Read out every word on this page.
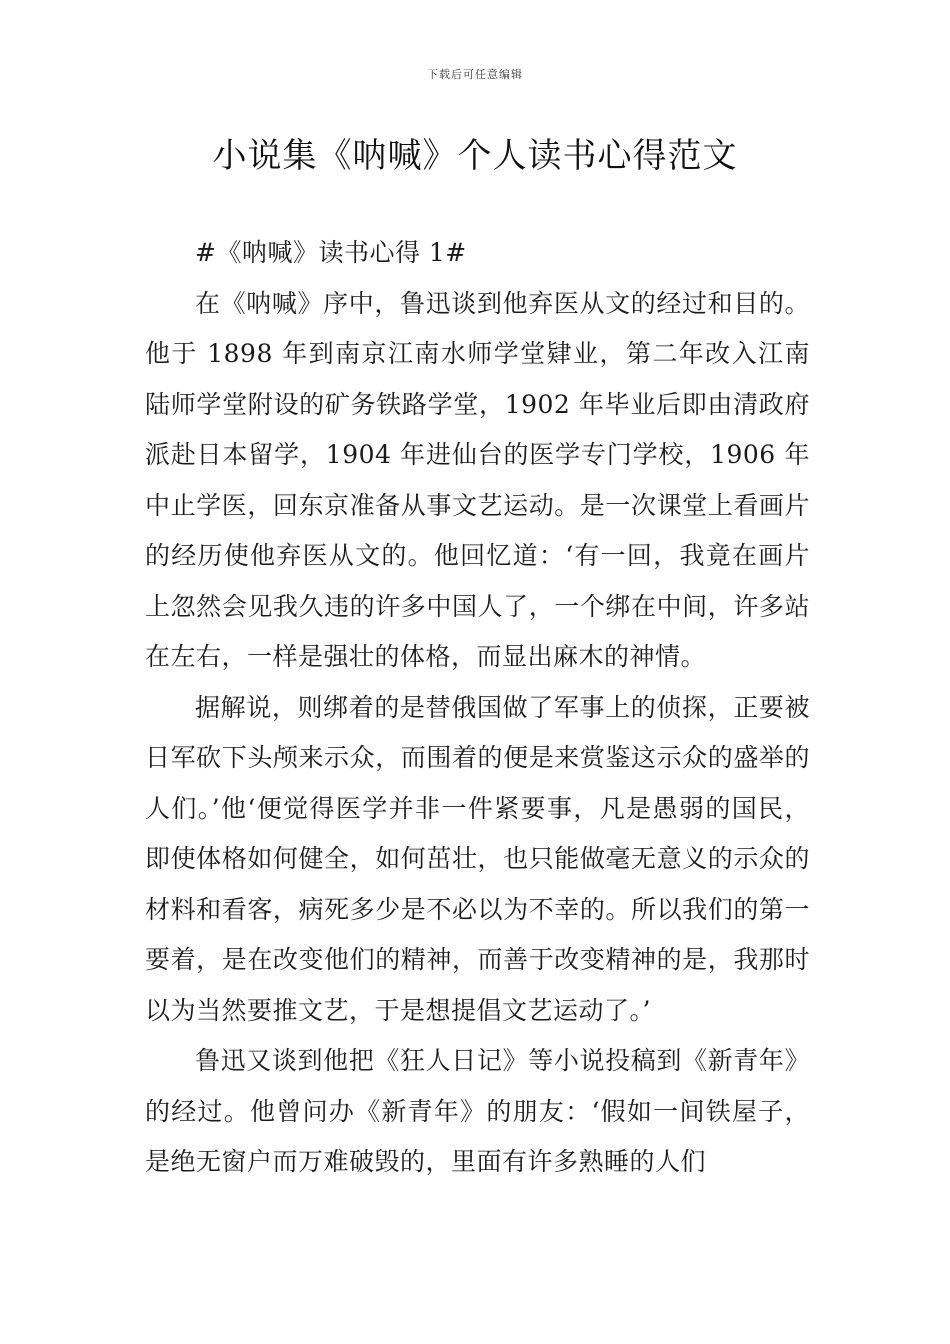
下载后可任意编辑
小说集《呐喊》个人读书心得范文

#《呐喊》读书心得 1#

在《呐喊》序中，鲁迅谈到他弃医从文的经过和目的。他于 1898 年到南京江南水师学堂肄业，第二年改入江南陆师学堂附设的矿务铁路学堂，1902 年毕业后即由清政府派赴日本留学，1904 年进仙台的医学专门学校，1906 年中止学医，回东京准备从事文艺运动。是一次课堂上看画片的经历使他弃医从文的。他回忆道：‘有一回，我竟在画片上忽然会见我久违的许多中国人了，一个绑在中间，许多站在左右，一样是强壮的体格，而显出麻木的神情。

据解说，则绑着的是替俄国做了军事上的侦探，正要被日军砍下头颅来示众，而围着的便是来赏鉴这示众的盛举的人们。’他‘便觉得医学并非一件紧要事，凡是愚弱的国民，即使体格如何健全，如何茁壮，也只能做毫无意义的示众的材料和看客，病死多少是不必以为不幸的。所以我们的第一要着，是在改变他们的精神，而善于改变精神的是，我那时以为当然要推文艺，于是想提倡文艺运动了。’

鲁迅又谈到他把《狂人日记》等小说投稿到《新青年》的经过。他曾问办《新青年》的朋友：‘假如一间铁屋子，是绝无窗户而万难破毁的，里面有许多熟睡的人们
